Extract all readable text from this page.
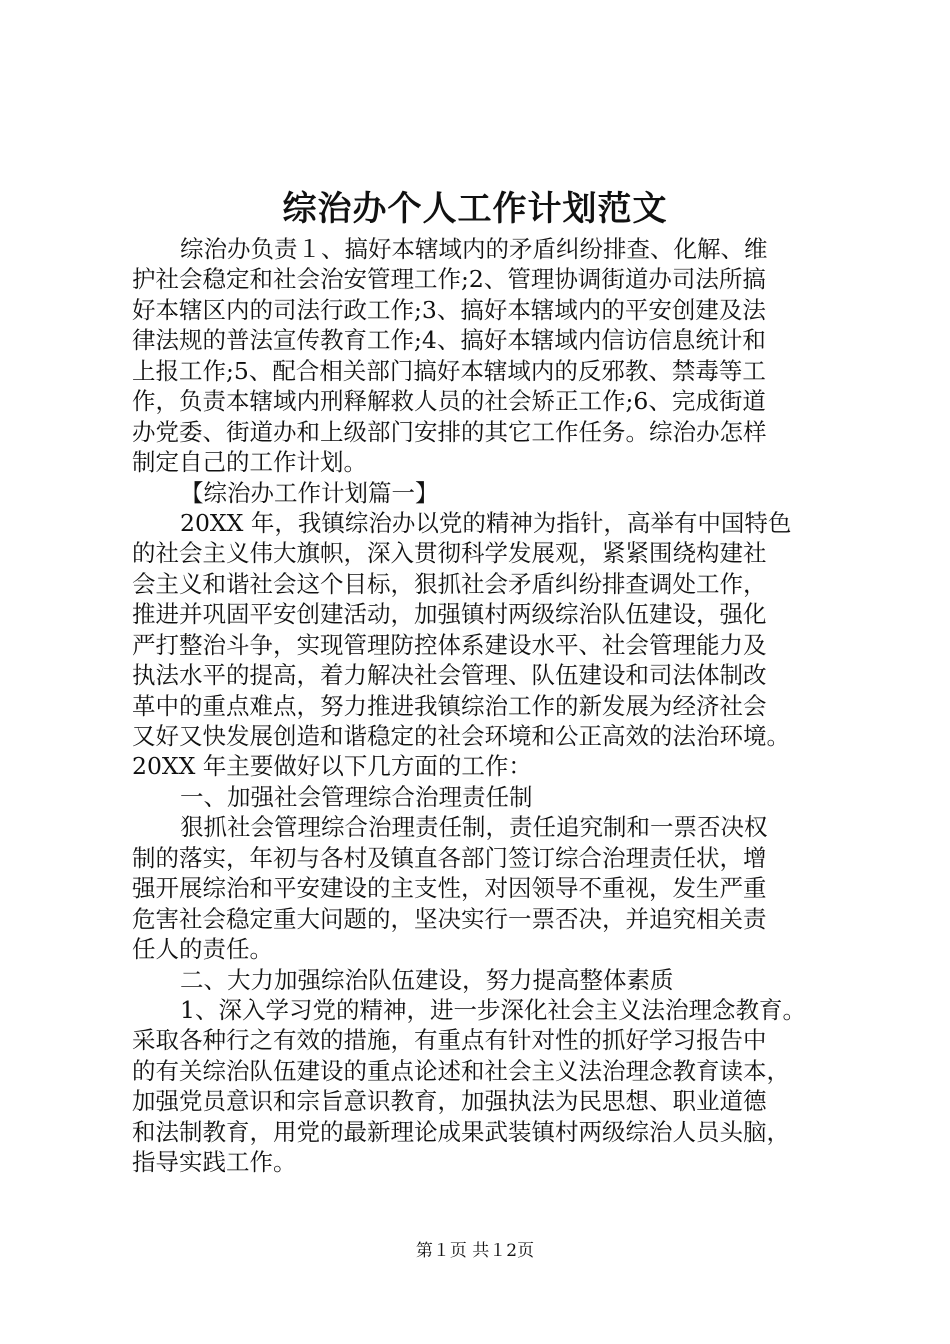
综治办个人工作计划范文
综治办负责１、搞好本辖域内的矛盾纠纷排查、化解、维
护社会稳定和社会治安管理工作;2、管理协调街道办司法所搞
好本辖区内的司法行政工作;3、搞好本辖域内的平安创建及法
律法规的普法宣传教育工作;4、搞好本辖域内信访信息统计和
上报工作;5、配合相关部门搞好本辖域内的反邪教、禁毒等工
作，负责本辖域内刑释解救人员的社会矫正工作;6、完成街道
办党委、街道办和上级部门安排的其它工作任务。综治办怎样
制定自己的工作计划。
【综治办工作计划篇一】
20XX 年，我镇综治办以党的精神为指针，高举有中国特色
的社会主义伟大旗帜，深入贯彻科学发展观，紧紧围绕构建社
会主义和谐社会这个目标，狠抓社会矛盾纠纷排查调处工作，
推进并巩固平安创建活动，加强镇村两级综治队伍建设，强化
严打整治斗争，实现管理防控体系建设水平、社会管理能力及
执法水平的提高，着力解决社会管理、队伍建设和司法体制改
革中的重点难点，努力推进我镇综治工作的新发展为经济社会
又好又快发展创造和谐稳定的社会环境和公正高效的法治环境。
20XX 年主要做好以下几方面的工作：
一、加强社会管理综合治理责任制
狠抓社会管理综合治理责任制，责任追究制和一票否决权
制的落实，年初与各村及镇直各部门签订综合治理责任状，增
强开展综治和平安建设的主支性，对因领导不重视，发生严重
危害社会稳定重大问题的，坚决实行一票否决，并追究相关责
任人的责任。
二、大力加强综治队伍建设，努力提高整体素质
1、深入学习党的精神，进一步深化社会主义法治理念教育。
采取各种行之有效的措施，有重点有针对性的抓好学习报告中
的有关综治队伍建设的重点论述和社会主义法治理念教育读本，
加强党员意识和宗旨意识教育，加强执法为民思想、职业道德
和法制教育，用党的最新理论成果武装镇村两级综治人员头脑，
指导实践工作。
第１页 共１2页
